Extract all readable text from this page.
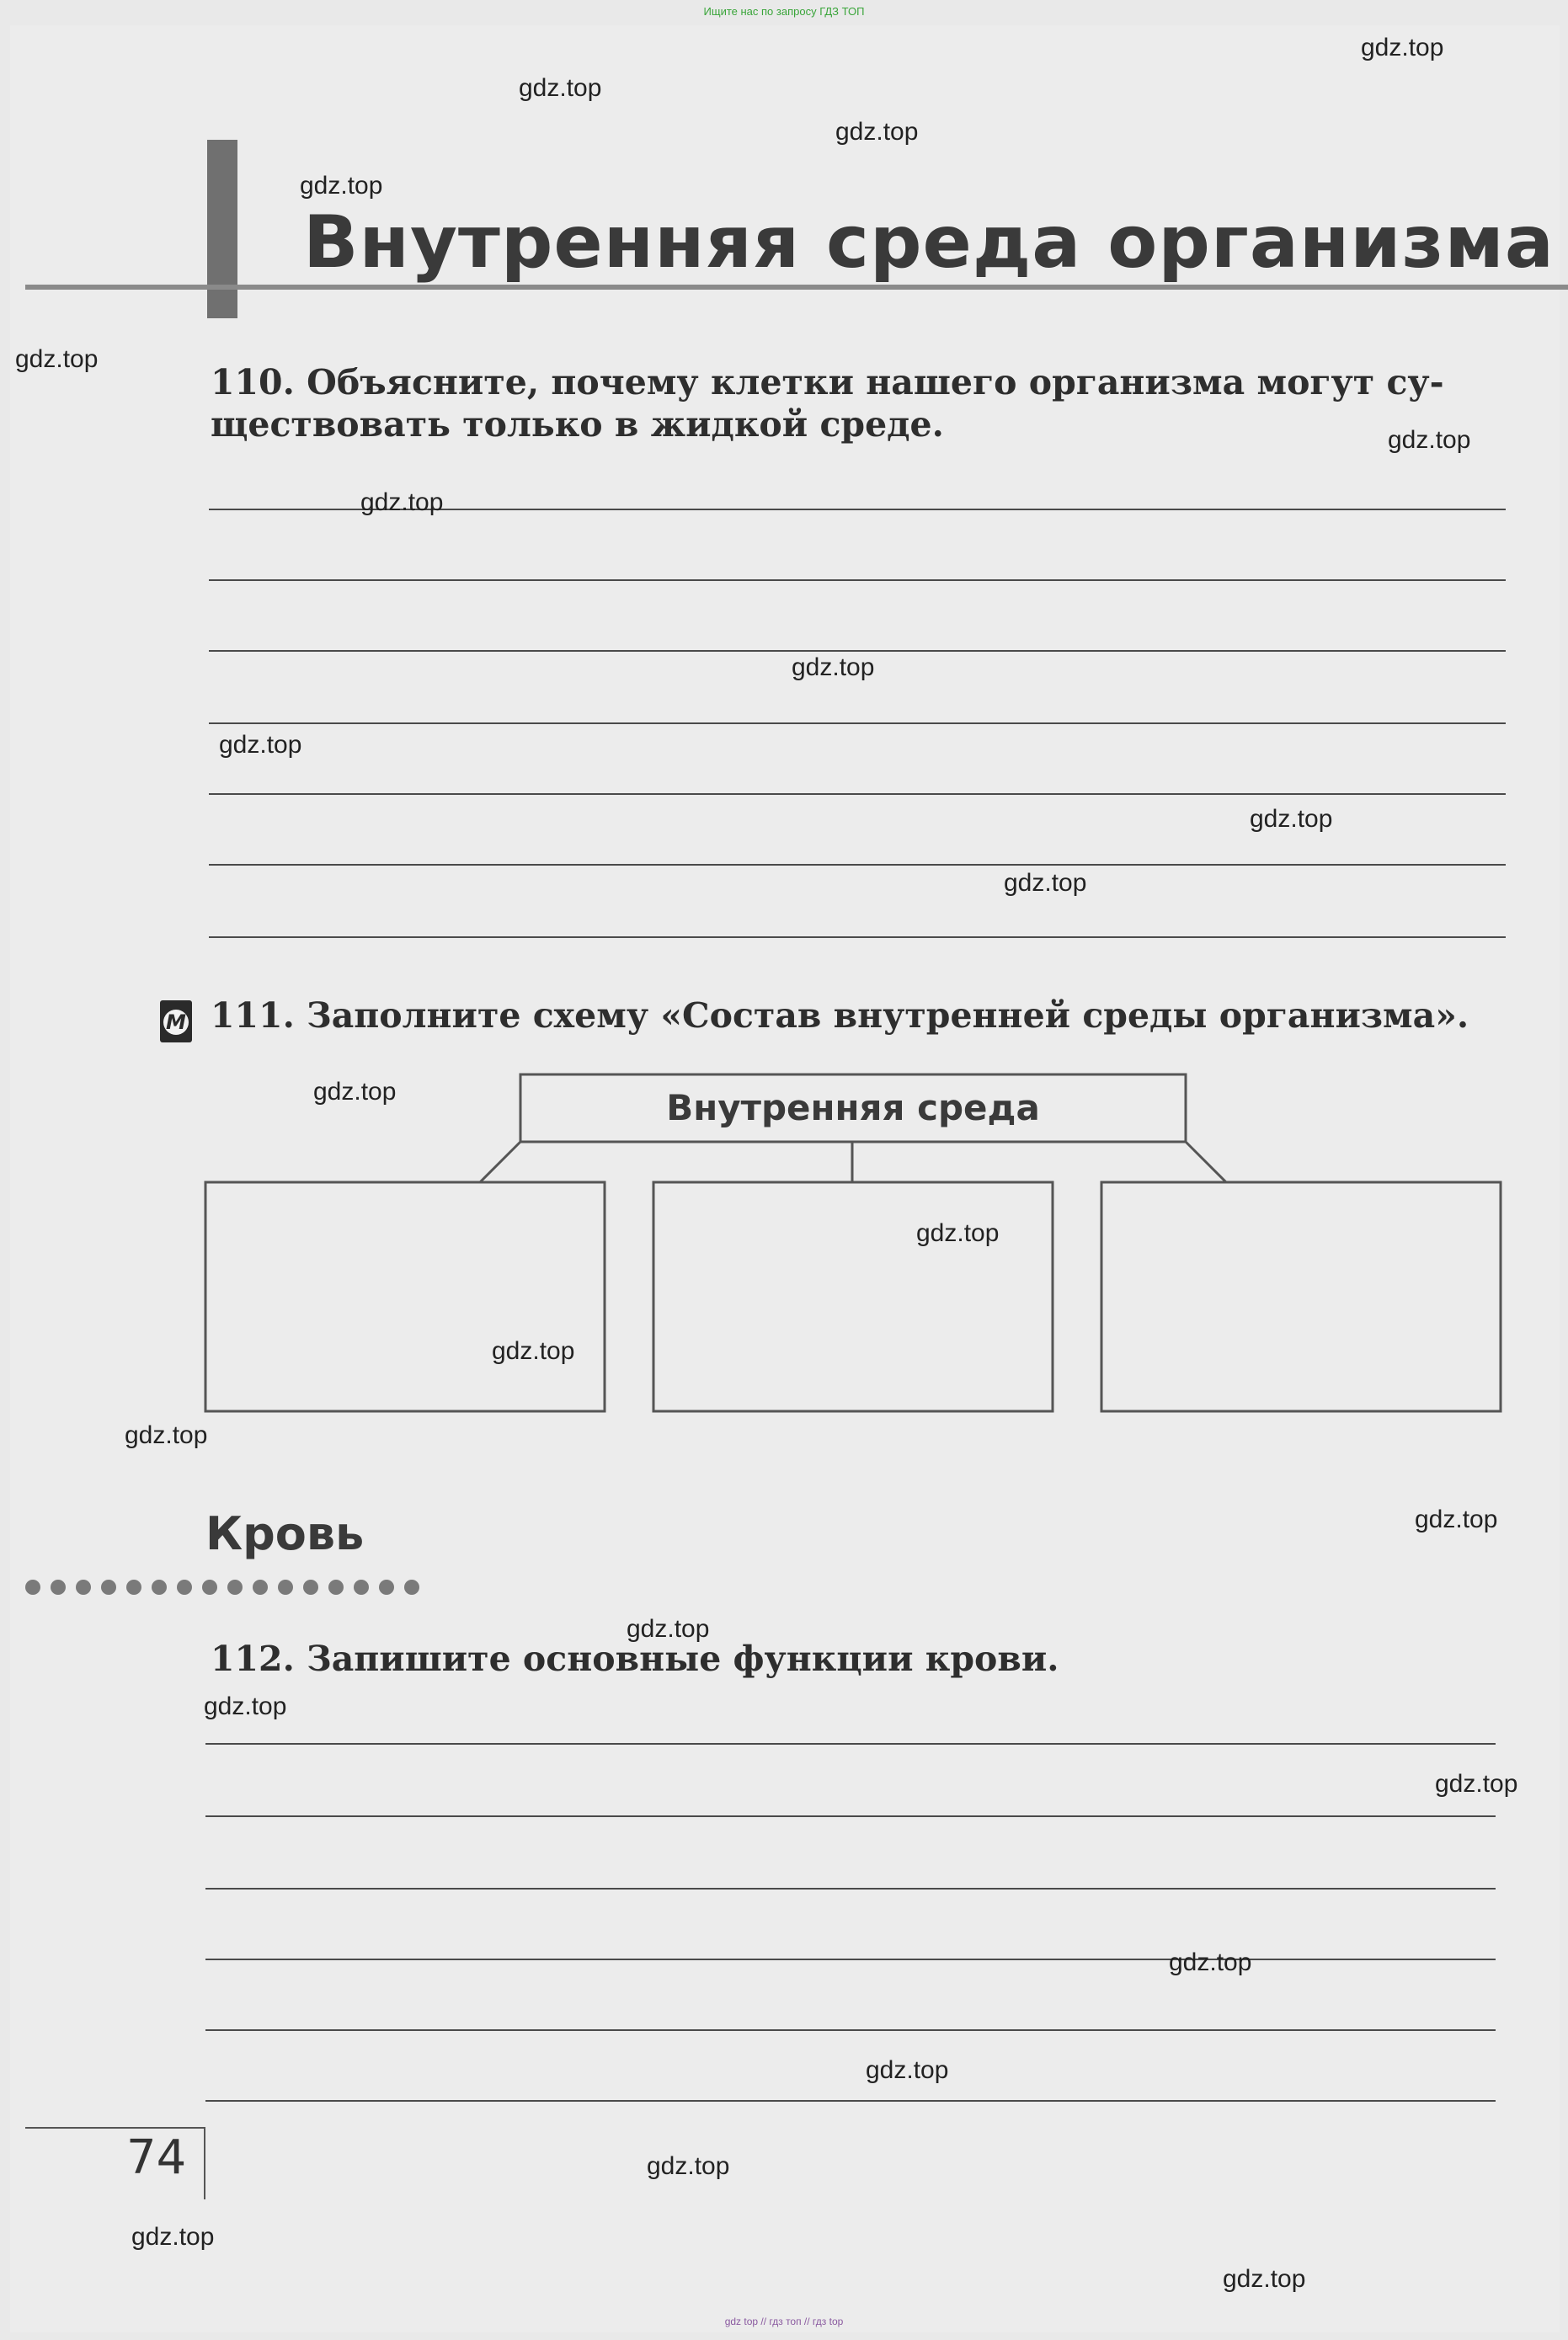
Ищите нас по запросу ГДЗ ТОП
Внутренняя среда организма
110. Объясните, почему клетки нашего организма могут су-
ществовать только в жидкой среде.
М 111. Заполните схему «Состав внутренней среды организма».
Внутренняя среда
Кровь
112. Запишите основные функции крови.
74
gdz.top
gdz.top
gdz.top
gdz.top
gdz.top
gdz.top
gdz.top
gdz.top
gdz.top
gdz.top
gdz.top
gdz.top
gdz.top
gdz.top
gdz.top
gdz.top
gdz.top
gdz.top
gdz.top
gdz.top
gdz.top
gdz.top
gdz.top
gdz.top
gdz top // гдз топ // гдз top
